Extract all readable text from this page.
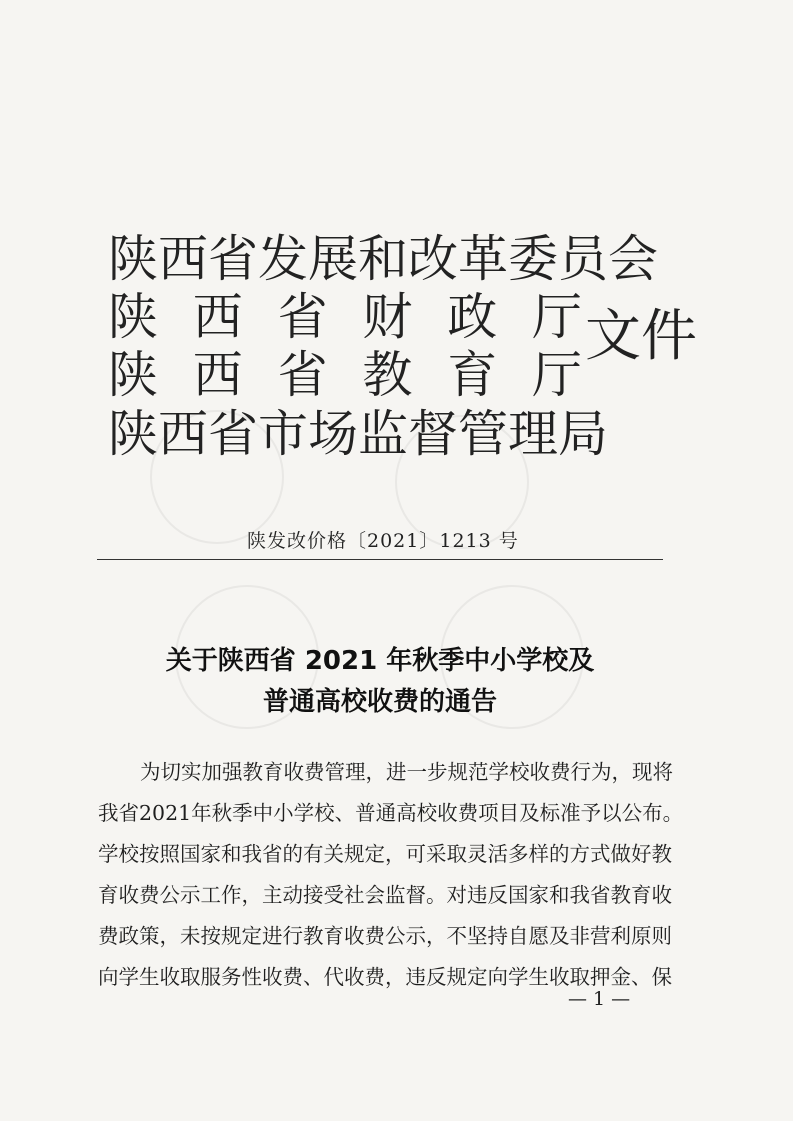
陕 西 省 发 展 和 改 革 委 员 会
陕 西 省 财 政 厅
陕 西 省 教 育 厅
陕 西 省 市 场 监 督 管 理 局
文件
陕发改价格〔2021〕1213 号
关于陕西省 2021 年秋季中小学校及
普通高校收费的通告
为 切 实 加 强 教 育 收 费 管 理 ， 进 一 步 规 范 学 校 收 费 行 为 ， 现 将
我 省 2021 年 秋 季 中 小 学 校 、 普 通 高 校 收 费 项 目 及 标 准 予 以 公 布 。
学 校 按 照 国 家 和 我 省 的 有 关 规 定 ， 可 采 取 灵 活 多 样 的 方 式 做 好 教
育 收 费 公 示 工 作 ， 主 动 接 受 社 会 监 督 。 对 违 反 国 家 和 我 省 教 育 收
费 政 策 ， 未 按 规 定 进 行 教 育 收 费 公 示 ， 不 坚 持 自 愿 及 非 营 利 原 则
向 学 生 收 取 服 务 性 收 费 、 代 收 费 ， 违 反 规 定 向 学 生 收 取 押 金 、 保
— 1 —
